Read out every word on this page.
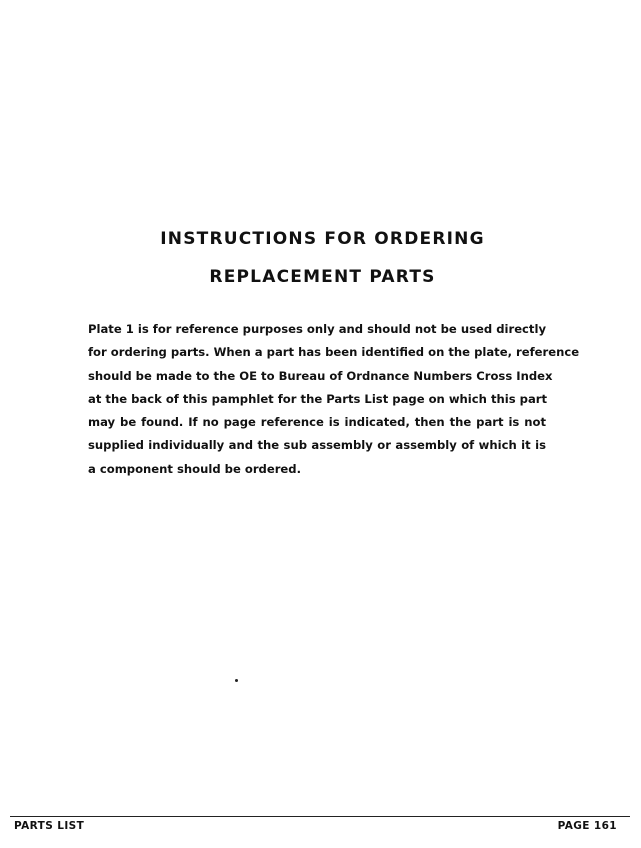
INSTRUCTIONS FOR ORDERING
REPLACEMENT PARTS
Plate 1 is for reference purposes only and should not be used directly
for ordering parts. When a part has been identified on the plate, reference
should be made to the OE to Bureau of Ordnance Numbers Cross Index
at the back of this pamphlet for the Parts List page on which this part
may be found. If no page reference is indicated, then the part is not
supplied individually and the sub assembly or assembly of which it is
a component should be ordered.
PARTS LIST	PAGE 161
